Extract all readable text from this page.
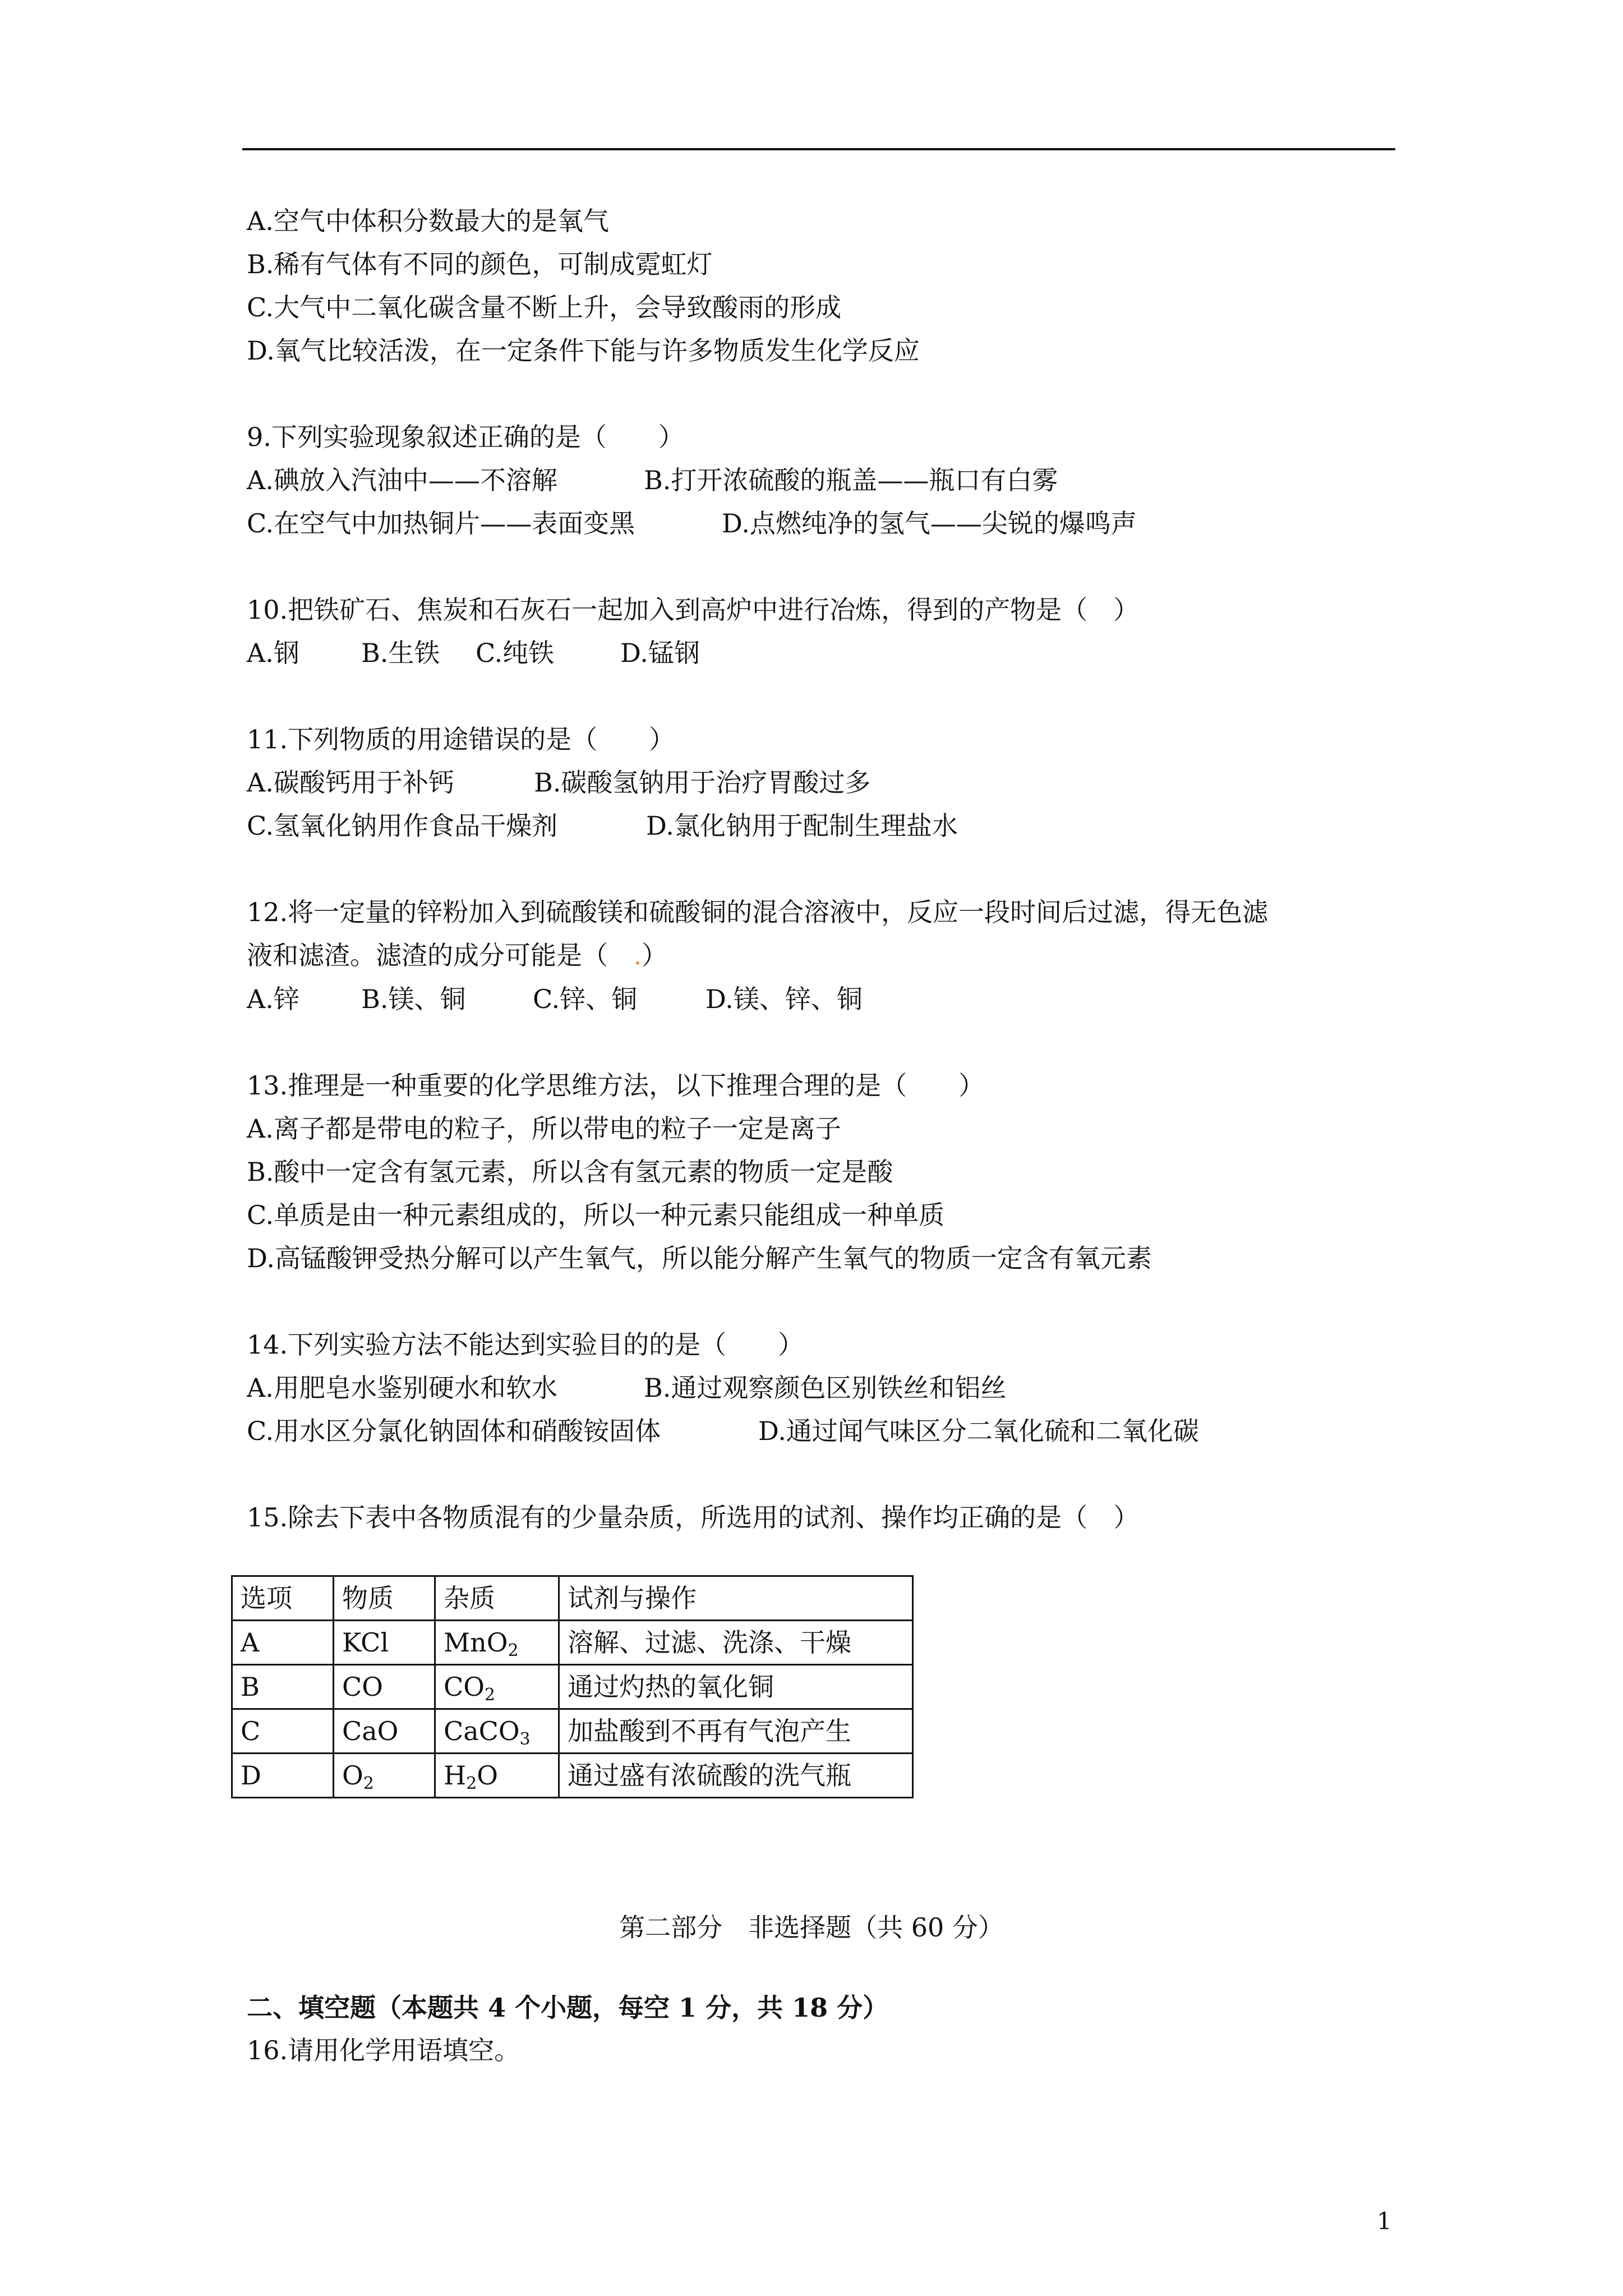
A.空气中体积分数最大的是氧气
B.稀有气体有不同的颜色，可制成霓虹灯
C.大气中二氧化碳含量不断上升，会导致酸雨的形成
D.氧气比较活泼，在一定条件下能与许多物质发生化学反应
9.下列实验现象叙述正确的是（　　）
A.碘放入汽油中——不溶解	B.打开浓硫酸的瓶盖——瓶口有白雾
C.在空气中加热铜片——表面变黑	D.点燃纯净的氢气——尖锐的爆鸣声
10.把铁矿石、焦炭和石灰石一起加入到高炉中进行冶炼，得到的产物是（　）
A.钢	B.生铁	C.纯铁	D.锰钢
11.下列物质的用途错误的是（　　）
A.碳酸钙用于补钙	B.碳酸氢钠用于治疗胃酸过多
C.氢氧化钠用作食品干燥剂	D.氯化钠用于配制生理盐水
12.将一定量的锌粉加入到硫酸镁和硫酸铜的混合溶液中，反应一段时间后过滤，得无色滤
液和滤渣。滤渣的成分可能是（　.）
A.锌	B.镁、铜	C.锌、铜	D.镁、锌、铜
13.推理是一种重要的化学思维方法，以下推理合理的是（　　）
A.离子都是带电的粒子，所以带电的粒子一定是离子
B.酸中一定含有氢元素，所以含有氢元素的物质一定是酸
C.单质是由一种元素组成的，所以一种元素只能组成一种单质
D.高锰酸钾受热分解可以产生氧气，所以能分解产生氧气的物质一定含有氧元素
14.下列实验方法不能达到实验目的的是（　　）
A.用肥皂水鉴别硬水和软水	B.通过观察颜色区别铁丝和铝丝
C.用水区分氯化钠固体和硝酸铵固体	D.通过闻气味区分二氧化硫和二氧化碳
15.除去下表中各物质混有的少量杂质，所选用的试剂、操作均正确的是（　）
选项	物质	杂质	试剂与操作
A	KCl	MnO$_2$	溶解、过滤、洗涤、干燥
B	CO	$CO_2$	通过灼热的氧化铜
C	CaO	CaCO$_3$	加盐酸到不再有气泡产生
D	$O_2$	$H_2O$	通过盛有浓硫酸的洗气瓶
第二部分　非选择题（共 60 分）
二、填空题（本题共 4 个小题，每空 1 分，共 18 分）
16.请用化学用语填空。
1
